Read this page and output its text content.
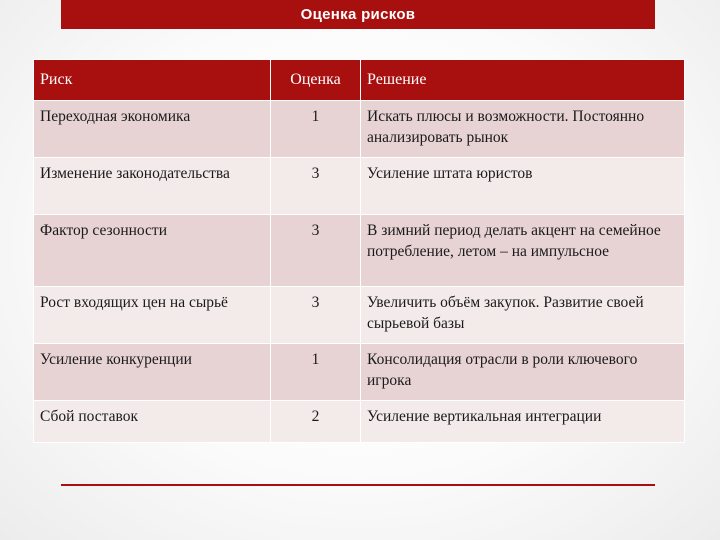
Оценка рисков
Риск	Оценка	Решение
Переходная экономика	1	Искать плюсы и возможности. Постоянно анализировать рынок
Изменение законодательства	3	Усиление штата юристов
Фактор сезонности	3	В зимний период делать акцент на семейное потребление, летом – на импульсное
Рост входящих цен на сырьё	3	Увеличить объём закупок. Развитие своей сырьевой базы
Усиление конкуренции	1	Консолидация отрасли в роли ключевого игрока
Сбой поставок	2	Усиление вертикальная интеграции
